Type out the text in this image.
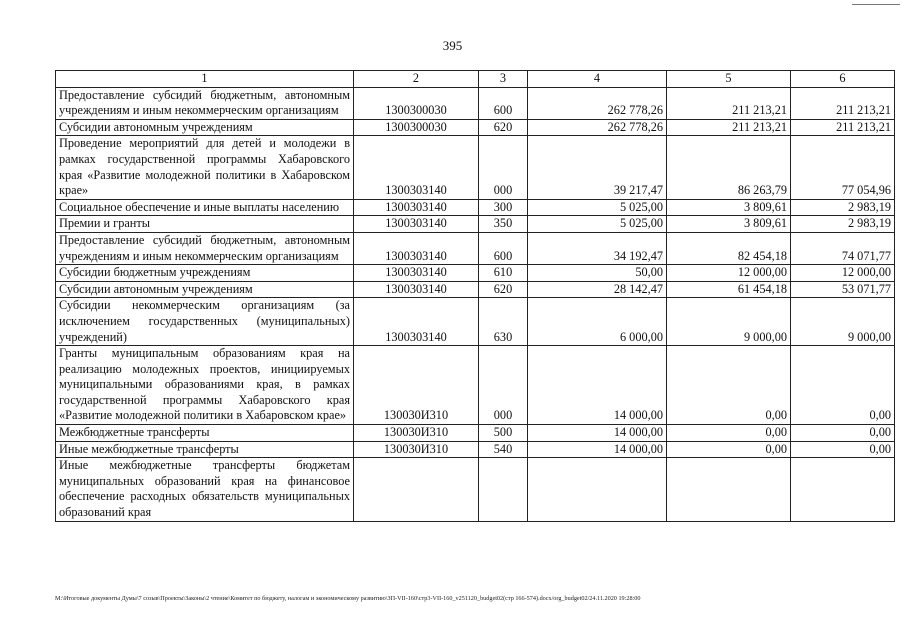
395
1	2	3	4	5	6
Предоставление субсидий бюджетным, автономным учреждениям и иным некоммерческим организациям	1300300030	600	262 778,26	211 213,21	211 213,21
Субсидии автономным учреждениям	1300300030	620	262 778,26	211 213,21	211 213,21
Проведение мероприятий для детей и молодежи в рамках государственной программы Хабаровского края «Развитие молодежной политики в Хабаровском крае»	1300303140	000	39 217,47	86 263,79	77 054,96
Социальное обеспечение и иные выплаты населению	1300303140	300	5 025,00	3 809,61	2 983,19
Премии и гранты	1300303140	350	5 025,00	3 809,61	2 983,19
Предоставление субсидий бюджетным, автономным учреждениям и иным некоммерческим организациям	1300303140	600	34 192,47	82 454,18	74 071,77
Субсидии бюджетным учреждениям	1300303140	610	50,00	12 000,00	12 000,00
Субсидии автономным учреждениям	1300303140	620	28 142,47	61 454,18	53 071,77
Субсидии некоммерческим организациям (за исключением государственных (муниципальных) учреждений)	1300303140	630	6 000,00	9 000,00	9 000,00
Гранты муниципальным образованиям края на реализацию молодежных проектов, инициируемых муниципальными образованиями края, в рамках государственной программы Хабаровского края «Развитие молодежной политики в Хабаровском крае»	130030И310	000	14 000,00	0,00	0,00
Межбюджетные трансферты	130030И310	500	14 000,00	0,00	0,00
Иные межбюджетные трансферты	130030И310	540	14 000,00	0,00	0,00
Иные межбюджетные трансферты бюджетам муниципальных образований края на финансовое обеспечение расходных обязательств муниципальных образований края					
M:\Итоговые документы Думы\7 созыв\Проекты\Законы\2 чтение\Комитет по бюджету, налогам и экономическому развитию\ЗП-VII-160\стр3-VII-160_v251120_budget02(стр 166-574).docx/org_budget02/24.11.2020 19:28:00
